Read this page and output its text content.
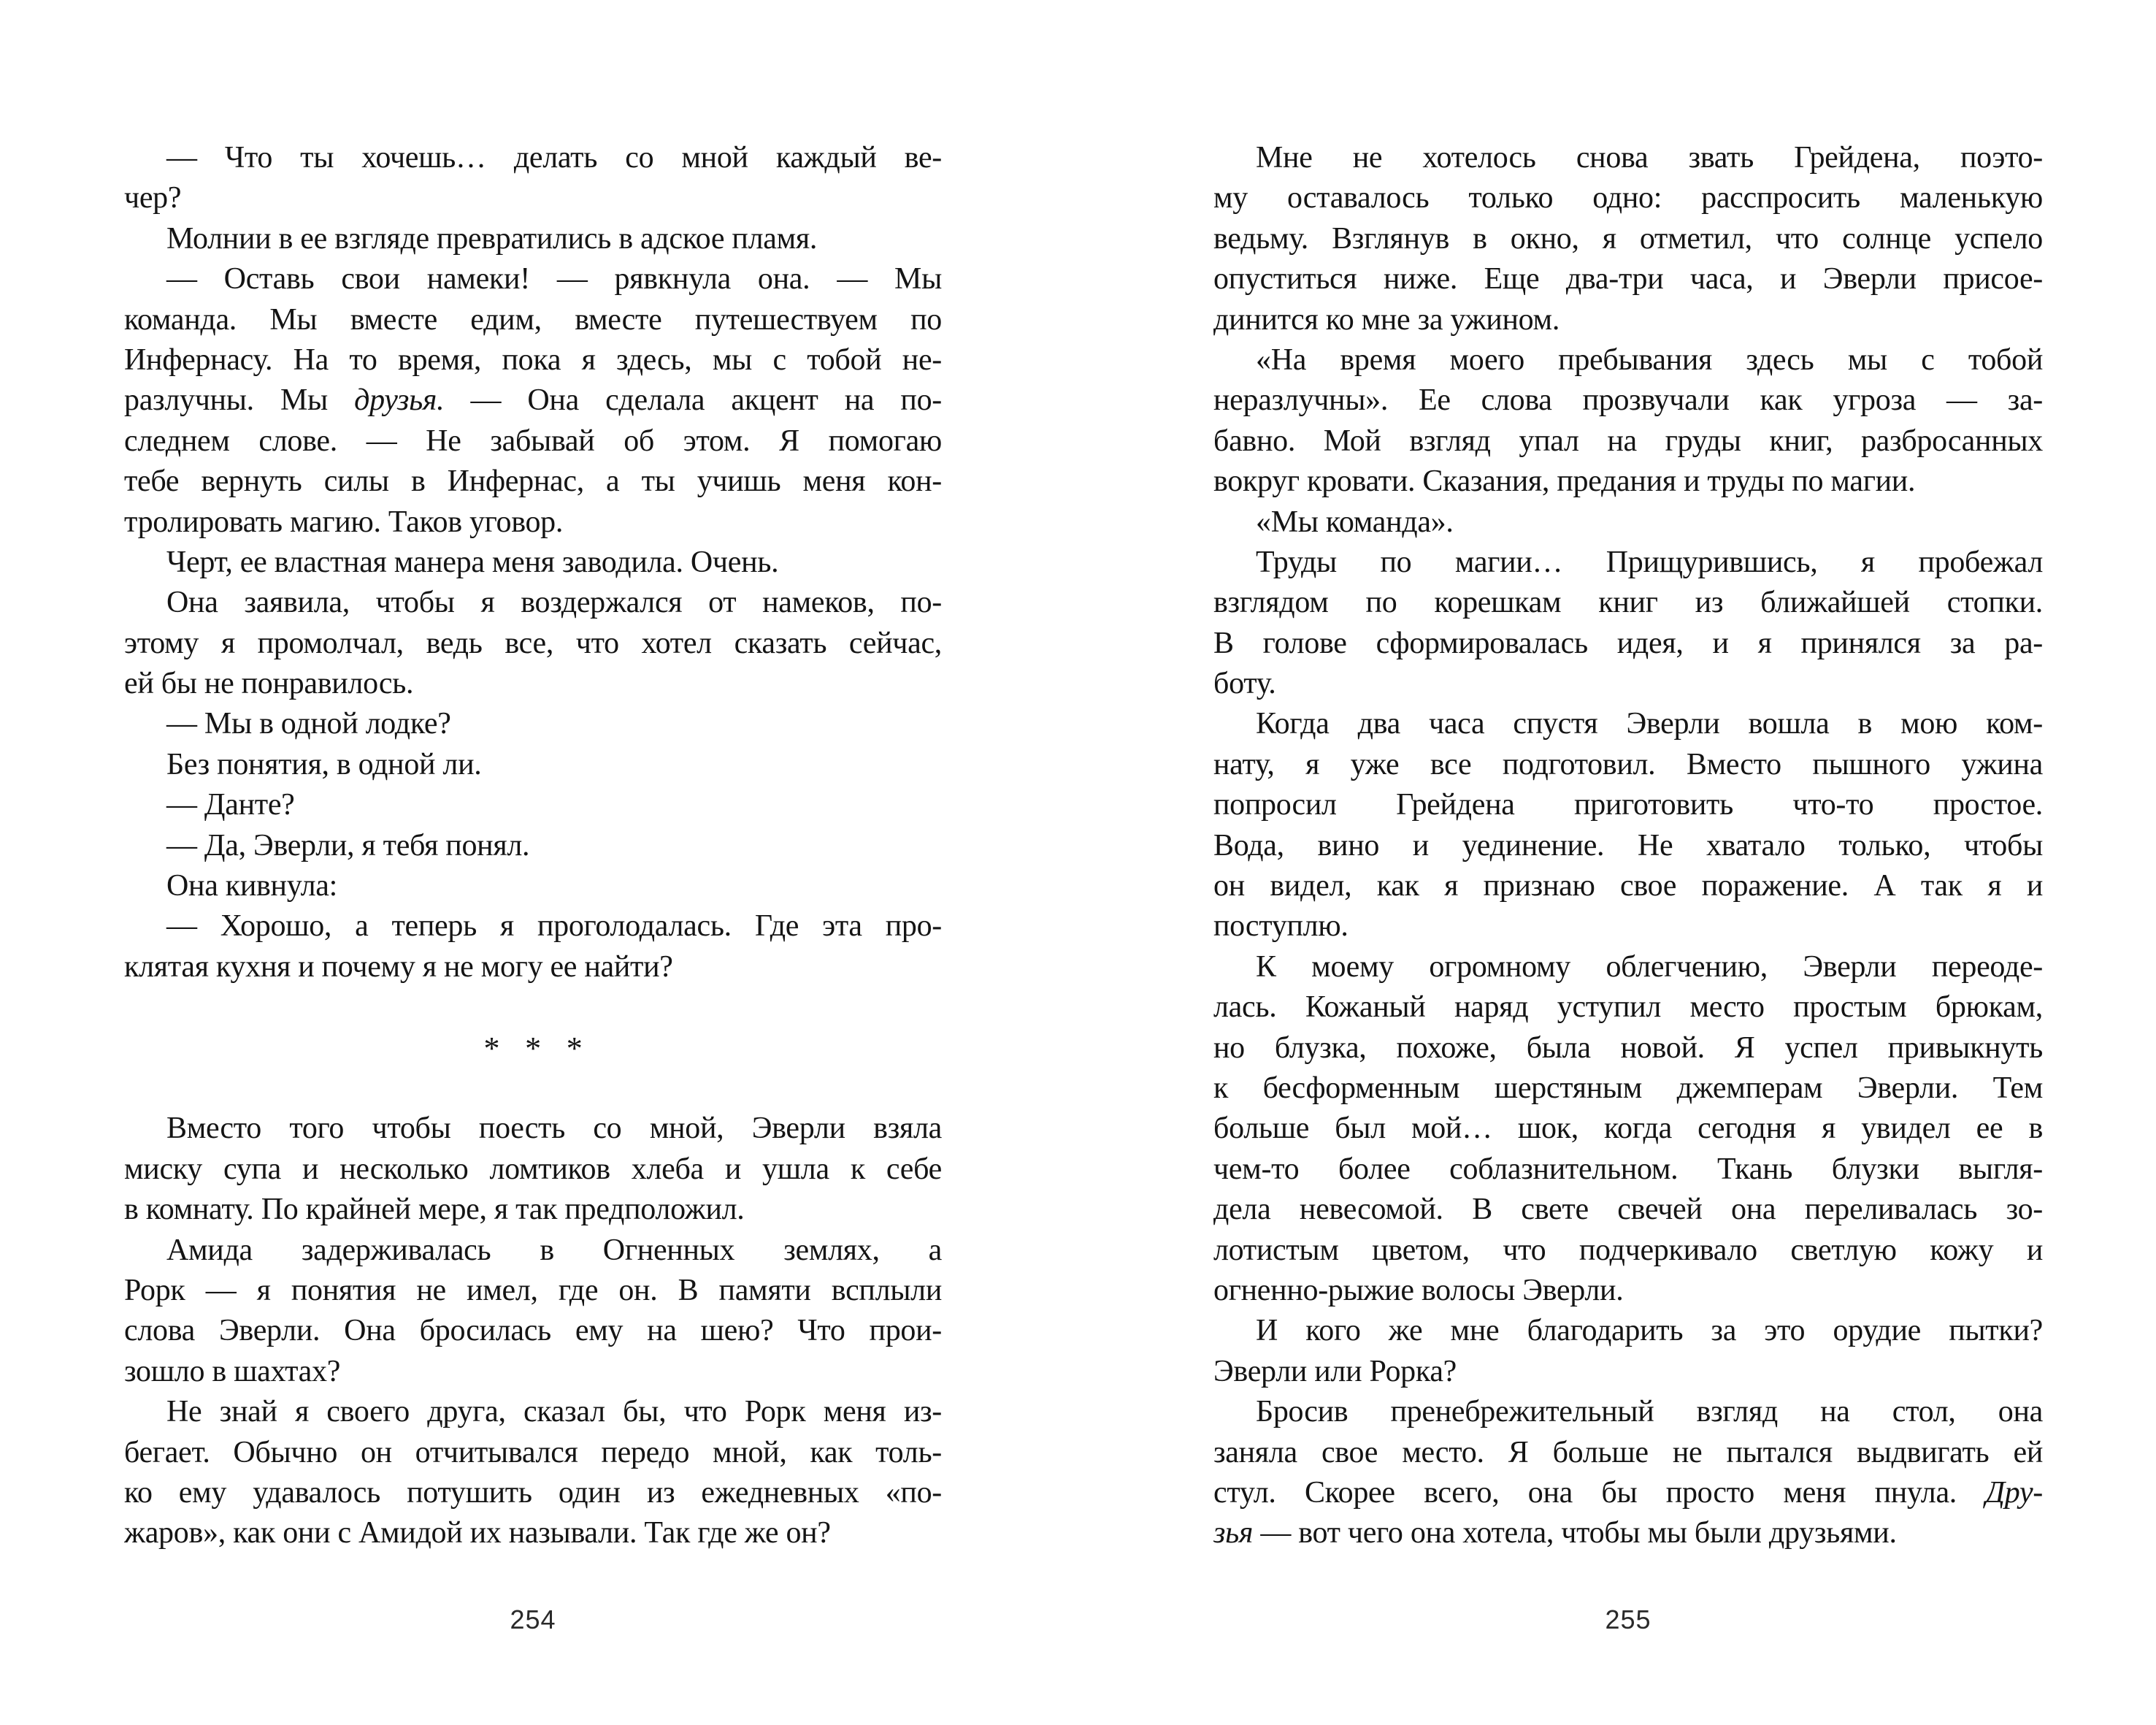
— Что ты хочешь… делать со мной каждый ве-
чер?
Молнии в ее взгляде превратились в адское пламя.
— Оставь свои намеки! — рявкнула она. — Мы
команда. Мы вместе едим, вместе путешествуем по
Инфернасу. На то время, пока я здесь, мы с тобой не-
разлучны. Мы друзья. — Она сделала акцент на по-
следнем слове. — Не забывай об этом. Я помогаю
тебе вернуть силы в Инфернас, а ты учишь меня кон-
тролировать магию. Таков уговор.
Черт, ее властная манера меня заводила. Очень.
Она заявила, чтобы я воздержался от намеков, по-
этому я промолчал, ведь все, что хотел сказать сейчас,
ей бы не понравилось.
— Мы в одной лодке?
Без понятия, в одной ли.
— Данте?
— Да, Эверли, я тебя понял.
Она кивнула:
— Хорошо, а теперь я проголодалась. Где эта про-
клятая кухня и почему я не могу ее найти?

* * *

Вместо того чтобы поесть со мной, Эверли взяла
миску супа и несколько ломтиков хлеба и ушла к себе
в комнату. По крайней мере, я так предположил.
Амида задерживалась в Огненных землях, а
Рорк — я понятия не имел, где он. В памяти всплыли
слова Эверли. Она бросилась ему на шею? Что прои-
зошло в шахтах?
Не знай я своего друга, сказал бы, что Рорк меня из-
бегает. Обычно он отчитывался передо мной, как толь-
ко ему удавалось потушить один из ежедневных «по-
жаров», как они с Амидой их называли. Так где же он?
254
Мне не хотелось снова звать Грейдена, поэто-
му оставалось только одно: расспросить маленькую
ведьму. Взглянув в окно, я отметил, что солнце успело
опуститься ниже. Еще два-три часа, и Эверли присое-
динится ко мне за ужином.
«На время моего пребывания здесь мы с тобой
неразлучны». Ее слова прозвучали как угроза — за-
бавно. Мой взгляд упал на груды книг, разбросанных
вокруг кровати. Сказания, предания и труды по магии.
«Мы команда».
Труды по магии… Прищурившись, я пробежал
взглядом по корешкам книг из ближайшей стопки.
В голове сформировалась идея, и я принялся за ра-
боту.
Когда два часа спустя Эверли вошла в мою ком-
нату, я уже все подготовил. Вместо пышного ужина
попросил Грейдена приготовить что-то простое.
Вода, вино и уединение. Не хватало только, чтобы
он видел, как я признаю свое поражение. А так я и
поступлю.
К моему огромному облегчению, Эверли переоде-
лась. Кожаный наряд уступил место простым брюкам,
но блузка, похоже, была новой. Я успел привыкнуть
к бесформенным шерстяным джемперам Эверли. Тем
больше был мой… шок, когда сегодня я увидел ее в
чем-то более соблазнительном. Ткань блузки выгля-
дела невесомой. В свете свечей она переливалась зо-
лотистым цветом, что подчеркивало светлую кожу и
огненно-рыжие волосы Эверли.
И кого же мне благодарить за это орудие пытки?
Эверли или Рорка?
Бросив пренебрежительный взгляд на стол, она
заняла свое место. Я больше не пытался выдвигать ей
стул. Скорее всего, она бы просто меня пнула. Дру-
зья — вот чего она хотела, чтобы мы были друзьями.
255
